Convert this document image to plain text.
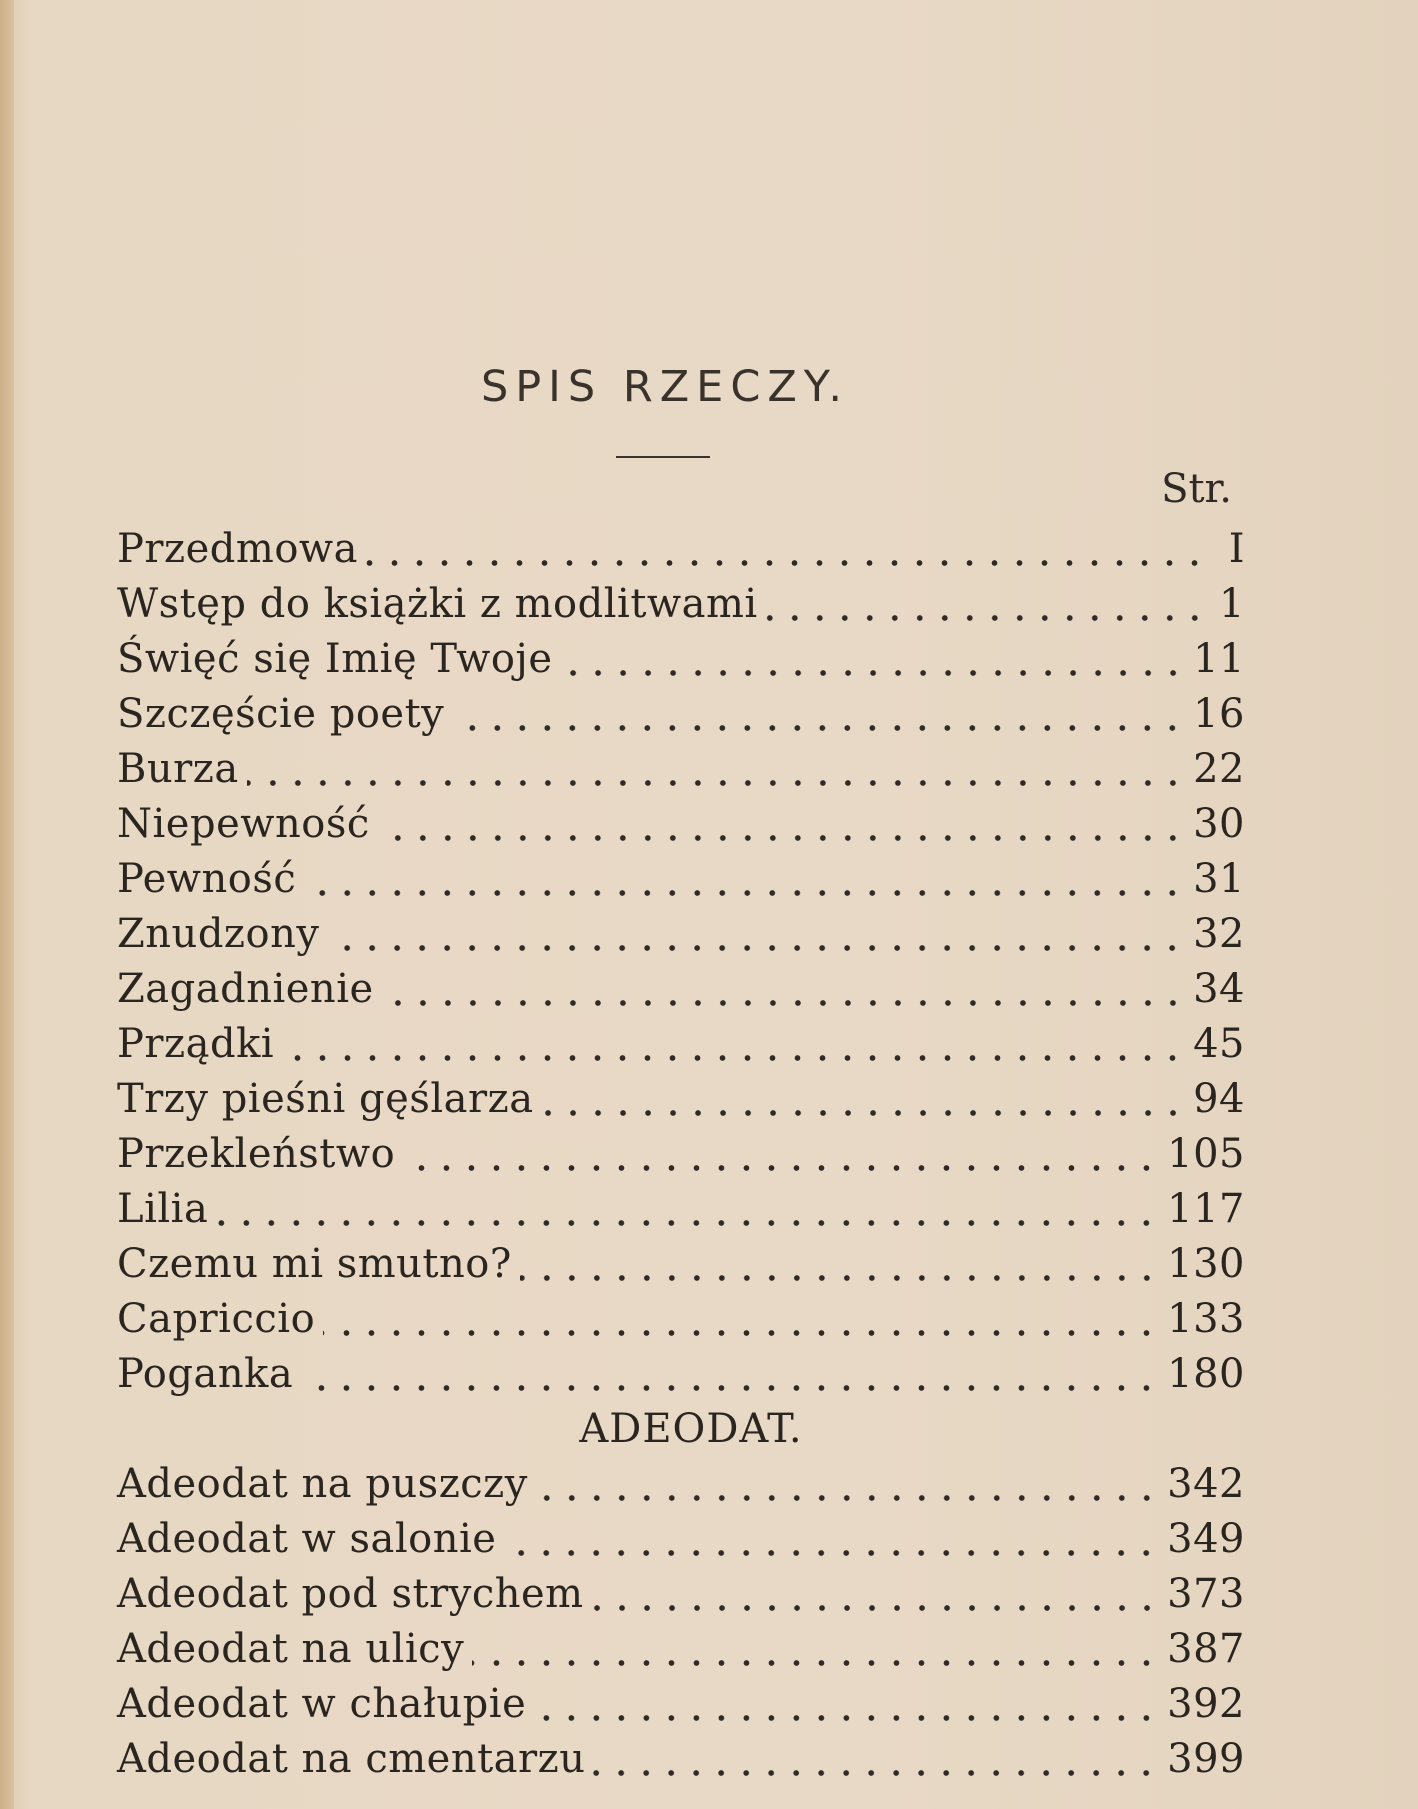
SPIS RZECZY.
Str.
Przedmowa	I
Wstęp do książki z modlitwami	1
Święć się Imię Twoje	11
Szczęście poety	16
Burza	22
Niepewność	30
Pewność	31
Znudzony	32
Zagadnienie	34
Prządki	45
Trzy pieśni gęślarza	94
Przekleństwo	105
Lilia	117
Czemu mi smutno?	130
Capriccio	133
Poganka	180
ADEODAT.
Adeodat na puszczy	342
Adeodat w salonie	349
Adeodat pod strychem	373
Adeodat na ulicy	387
Adeodat w chałupie	392
Adeodat na cmentarzu	399
